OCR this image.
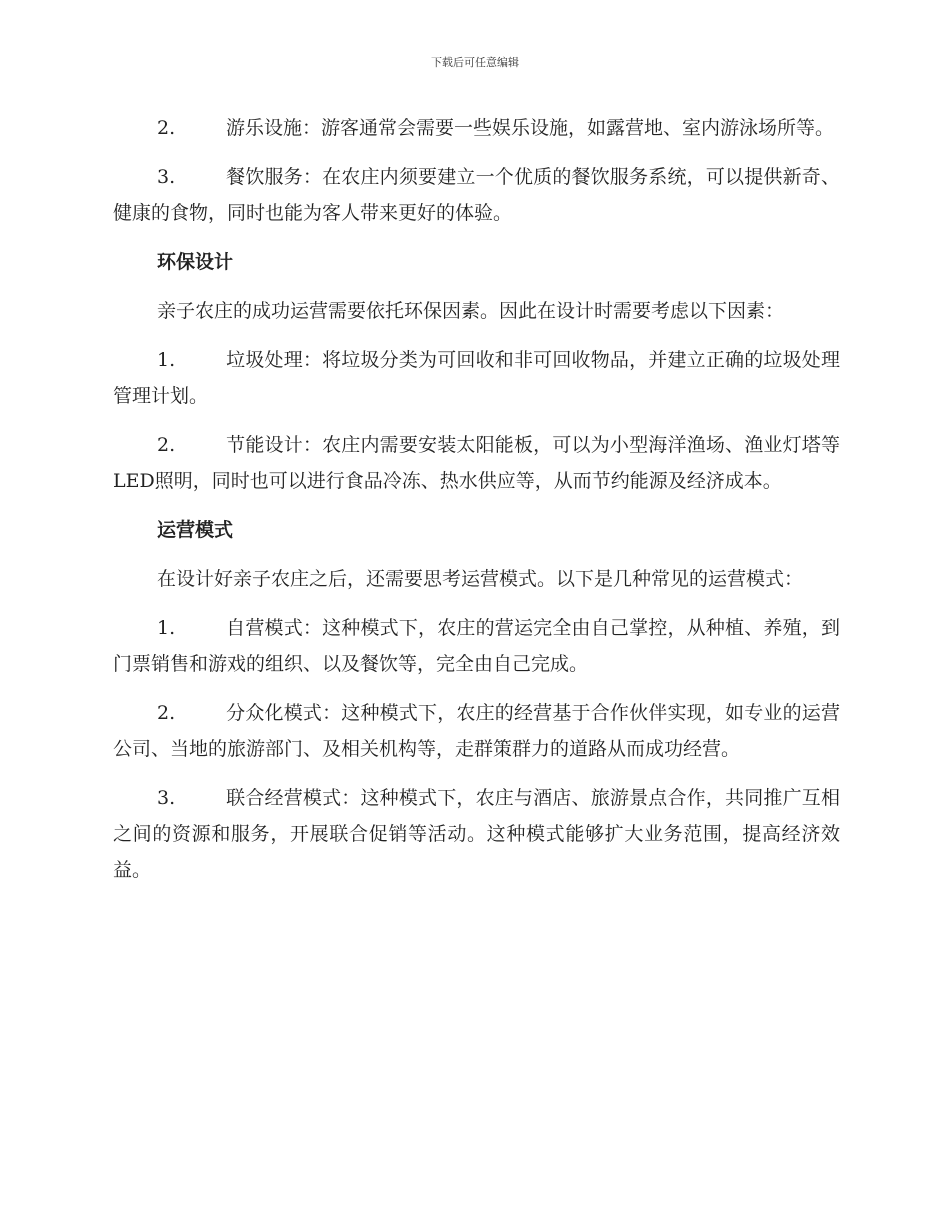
下载后可任意编辑

2.	游乐设施：游客通常会需要一些娱乐设施，如露营地、室内游泳场所等。

3.	餐饮服务：在农庄内须要建立一个优质的餐饮服务系统，可以提供新奇、健康的食物，同时也能为客人带来更好的体验。

环保设计

亲子农庄的成功运营需要依托环保因素。因此在设计时需要考虑以下因素：

1.	垃圾处理：将垃圾分类为可回收和非可回收物品，并建立正确的垃圾处理管理计划。

2.	节能设计：农庄内需要安装太阳能板，可以为小型海洋渔场、渔业灯塔等LED照明，同时也可以进行食品冷冻、热水供应等，从而节约能源及经济成本。

运营模式

在设计好亲子农庄之后，还需要思考运营模式。以下是几种常见的运营模式：

1.	自营模式：这种模式下，农庄的营运完全由自己掌控，从种植、养殖，到门票销售和游戏的组织、以及餐饮等，完全由自己完成。

2.	分众化模式：这种模式下，农庄的经营基于合作伙伴实现，如专业的运营公司、当地的旅游部门、及相关机构等，走群策群力的道路从而成功经营。

3.	联合经营模式：这种模式下，农庄与酒店、旅游景点合作，共同推广互相之间的资源和服务，开展联合促销等活动。这种模式能够扩大业务范围，提高经济效益。
